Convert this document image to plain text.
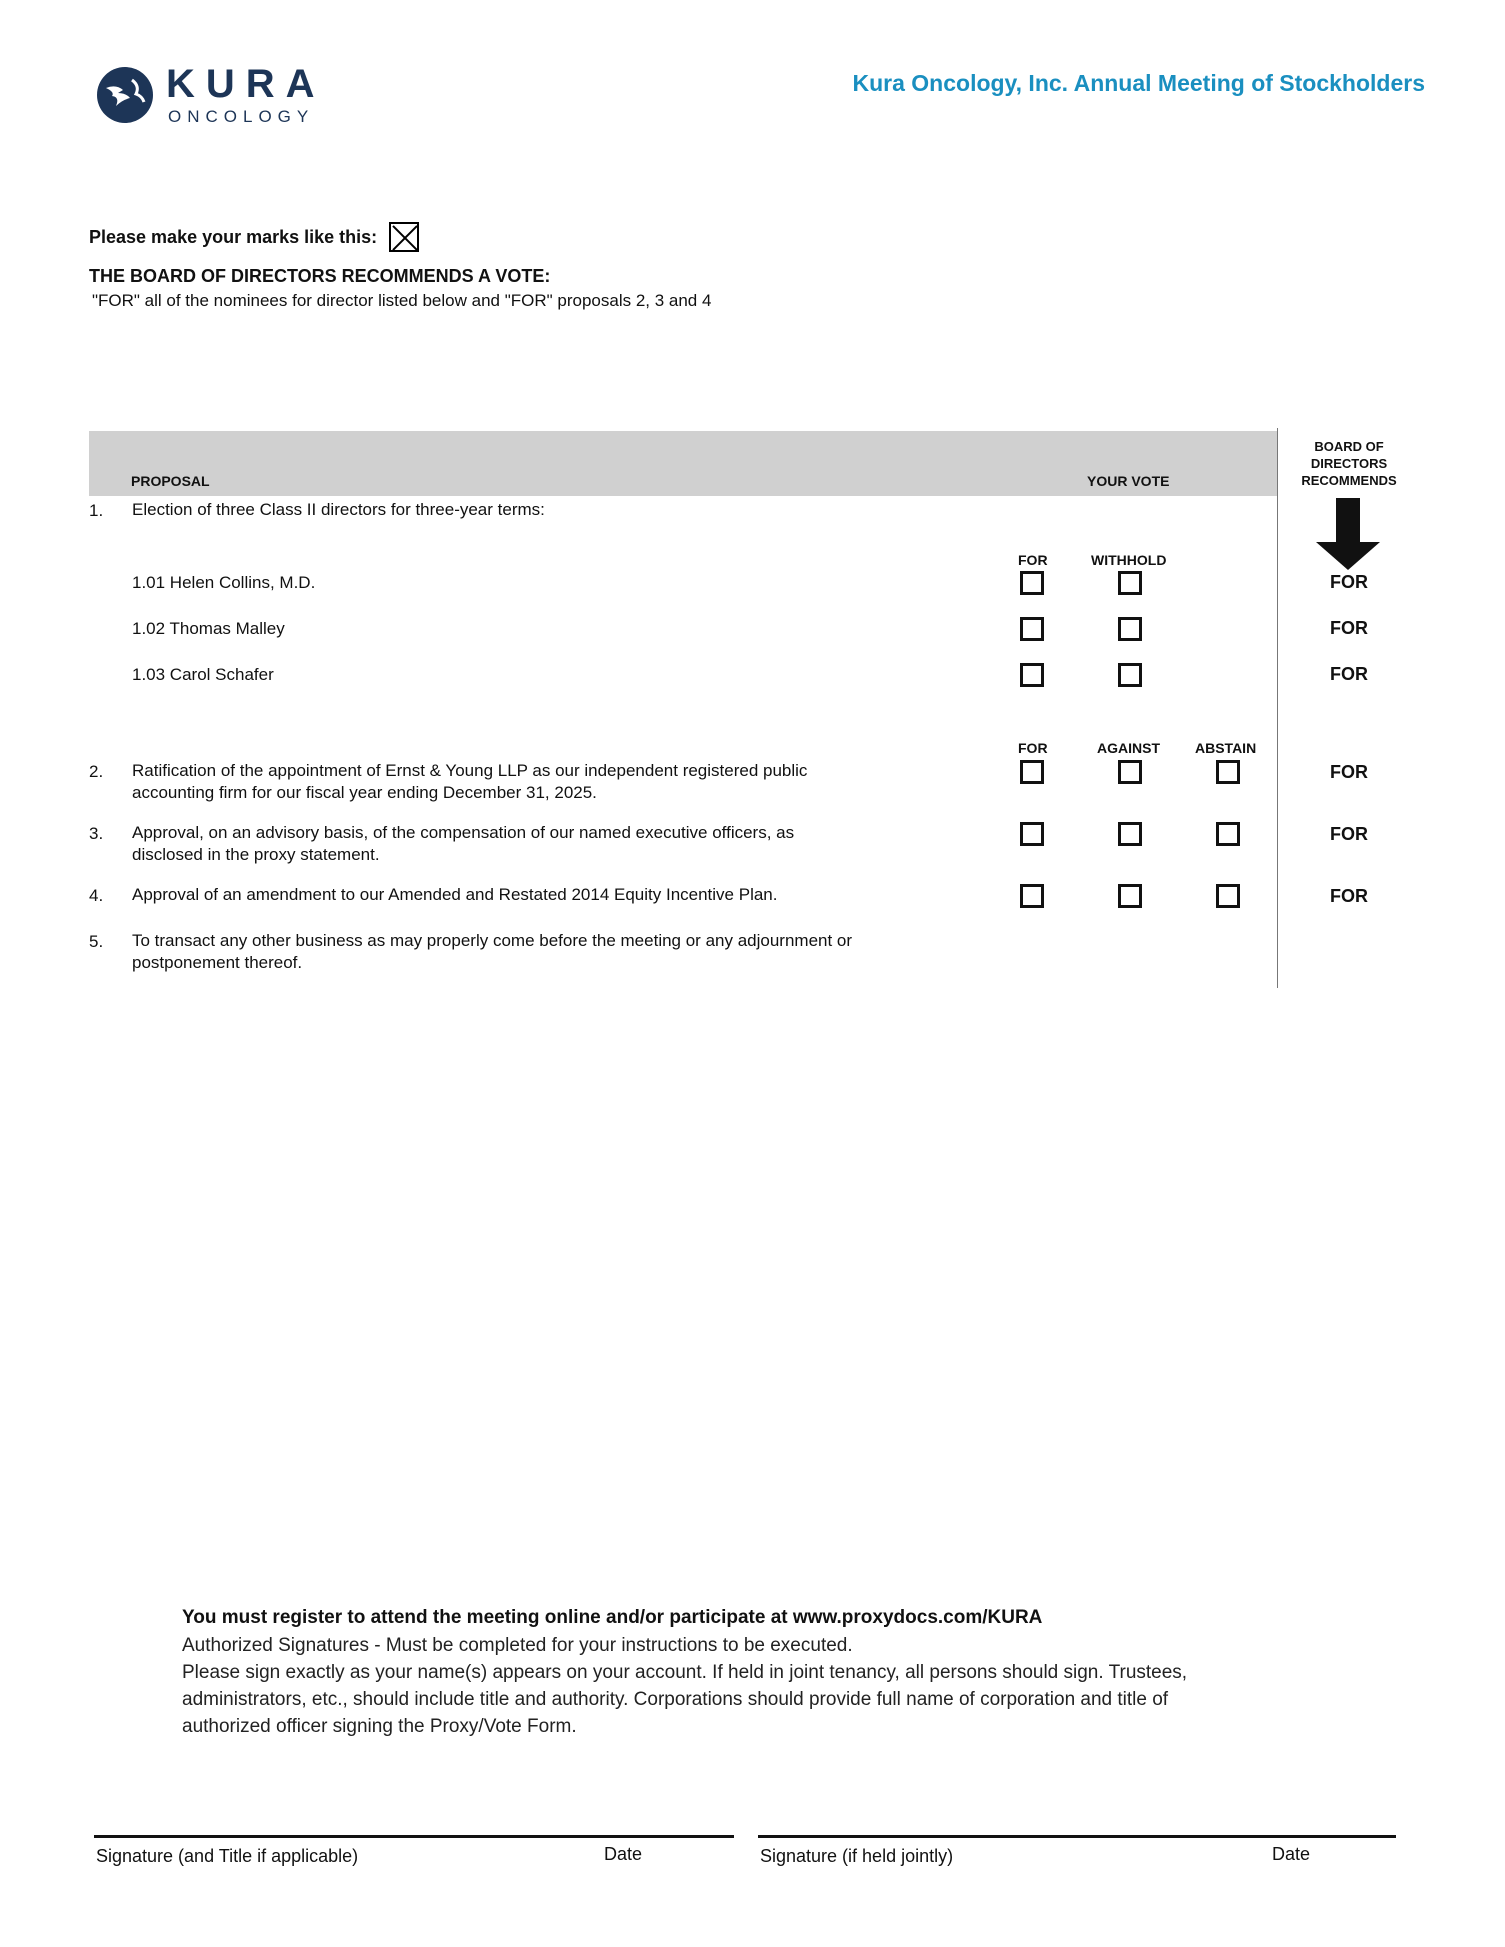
KURA
ONCOLOGY
Kura Oncology, Inc. Annual Meeting of Stockholders
Please make your marks like this:
THE BOARD OF DIRECTORS RECOMMENDS A VOTE:
"FOR" all of the nominees for director listed below and "FOR" proposals 2, 3 and 4
PROPOSAL	YOUR VOTE
BOARD OF DIRECTORS RECOMMENDS
1. Election of three Class II directors for three-year terms:
FOR	WITHHOLD
1.01 Helen Collins, M.D.	FOR
1.02 Thomas Malley	FOR
1.03 Carol Schafer	FOR
FOR	AGAINST	ABSTAIN
2. Ratification of the appointment of Ernst & Young LLP as our independent registered public
accounting firm for our fiscal year ending December 31, 2025.
FOR
3. Approval, on an advisory basis, of the compensation of our named executive officers, as
disclosed in the proxy statement.
FOR
4. Approval of an amendment to our Amended and Restated 2014 Equity Incentive Plan.	FOR
5. To transact any other business as may properly come before the meeting or any adjournment or
postponement thereof.
You must register to attend the meeting online and/or participate at www.proxydocs.com/KURA
Authorized Signatures - Must be completed for your instructions to be executed.
Please sign exactly as your name(s) appears on your account. If held in joint tenancy, all persons should sign. Trustees,
administrators, etc., should include title and authority. Corporations should provide full name of corporation and title of
authorized officer signing the Proxy/Vote Form.
Signature (and Title if applicable)	Date	Signature (if held jointly)	Date
